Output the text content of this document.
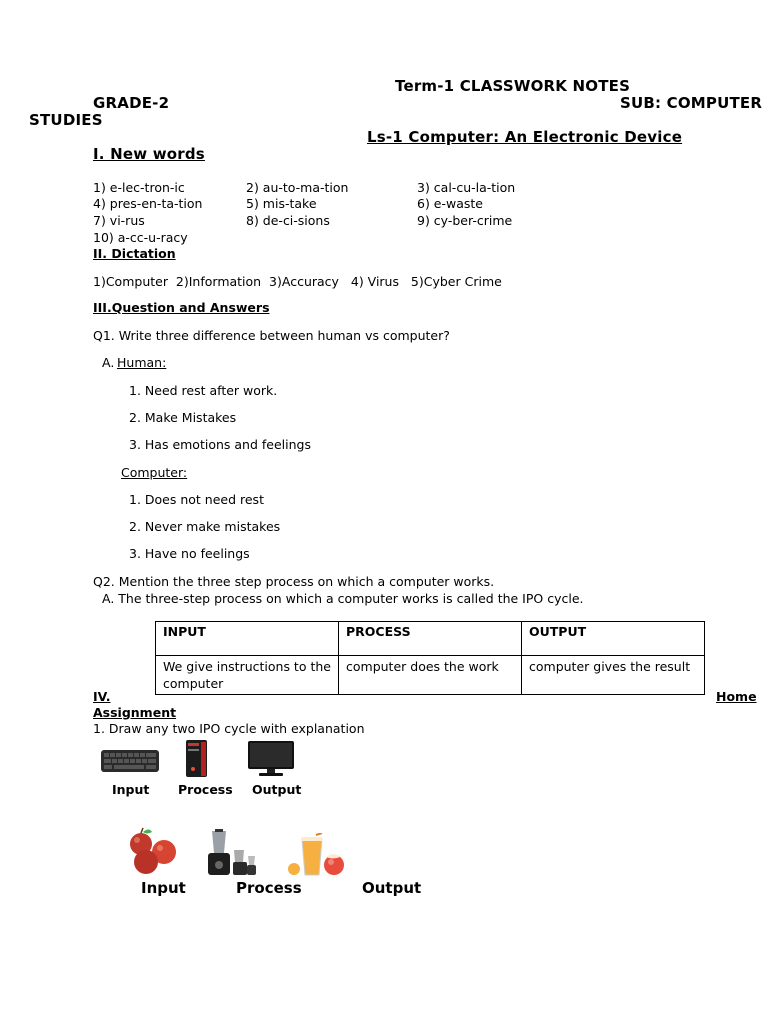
Term-1 CLASSWORK NOTES
GRADE-2	SUB: COMPUTER
STUDIES
Ls-1 Computer: An Electronic Device
I. New words
1) e-lec-tron-ic	2) au-to-ma-tion	3) cal-cu-la-tion
4) pres-en-ta-tion	5) mis-take	6) e-waste
7) vi-rus	8) de-ci-sions	9) cy-ber-crime
10) a-cc-u-racy
II. Dictation
1)Computer  2)Information  3)Accuracy   4) Virus   5)Cyber Crime
III.Question and Answers
Q1. Write three difference between human vs computer?
A. Human:
1. Need rest after work.
2. Make Mistakes
3. Has emotions and feelings
Computer:
1. Does not need rest
2. Never make mistakes
3. Have no feelings
Q2. Mention the three step process on which a computer works.
A. The three-step process on which a computer works is called the IPO cycle.
INPUT	PROCESS	OUTPUT
We give instructions to the computer	computer does the work	computer gives the result
IV.	Home
Assignment
1. Draw any two IPO cycle with explanation
Input Process Output
Input	Process	Output
